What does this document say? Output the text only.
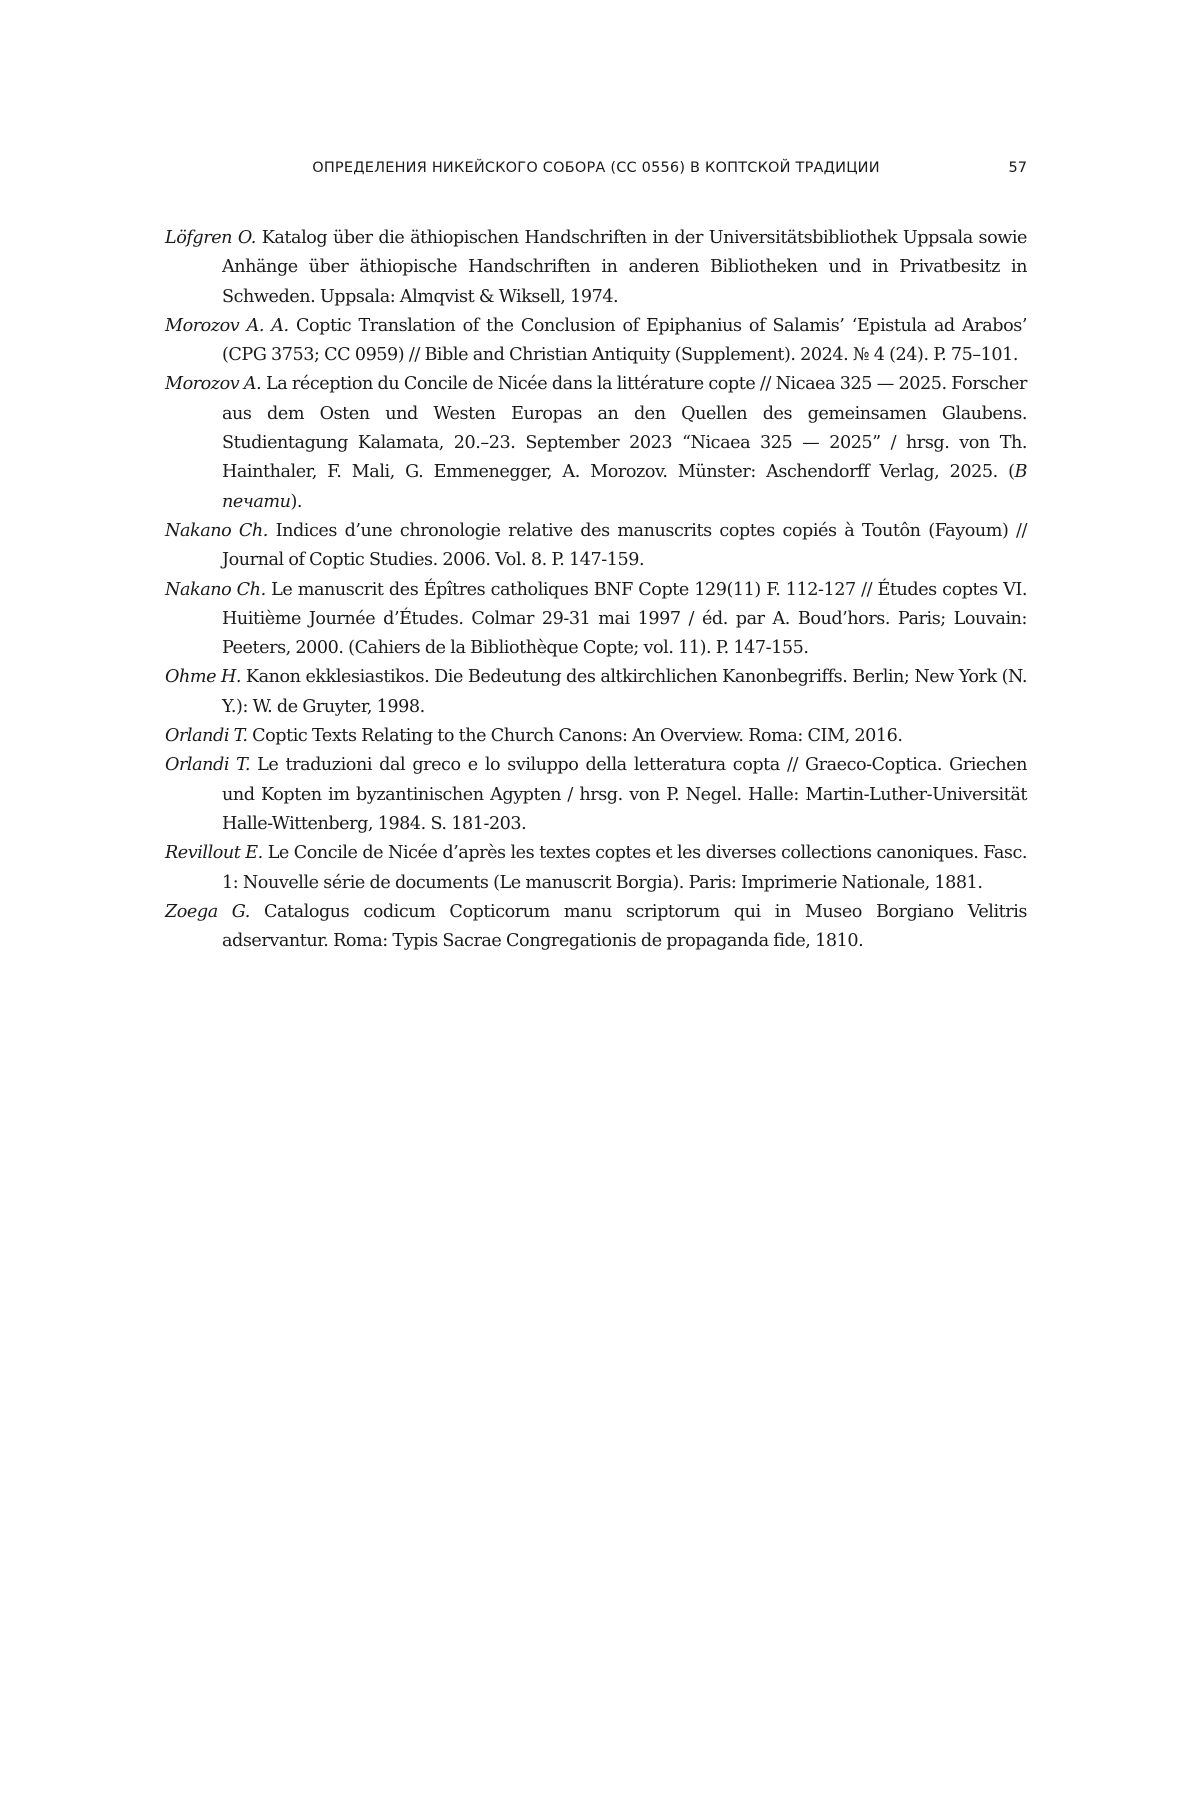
ОПРЕДЕЛЕНИЯ НИКЕЙСКОГО СОБОРА (CC 0556) В КОПТСКОЙ ТРАДИЦИИ	57
Löfgren O. Katalog über die äthiopischen Handschriften in der Universitätsbibliothek Uppsala sowie Anhänge über äthiopische Handschriften in anderen Bibliotheken und in Privatbesitz in Schweden. Uppsala: Almqvist & Wiksell, 1974.
Morozov A. A. Coptic Translation of the Conclusion of Epiphanius of Salamis’ ‘Epistula ad Arabos’ (CPG 3753; CC 0959) // Bible and Christian Antiquity (Supplement). 2024. № 4 (24). P. 75–101.
Morozov A. La réception du Concile de Nicée dans la littérature copte // Nicaea 325 — 2025. Forscher aus dem Osten und Westen Europas an den Quellen des gemeinsamen Glaubens. Studientagung Kalamata, 20.–23. September 2023 “Nicaea 325 — 2025” / hrsg. von Th. Hainthaler, F. Mali, G. Emmenegger, A. Morozov. Münster: Aschendorff Verlag, 2025. (В печати).
Nakano Ch. Indices d’une chronologie relative des manuscrits coptes copiés à Toutôn (Fayoum) // Journal of Coptic Studies. 2006. Vol. 8. P. 147-159.
Nakano Ch. Le manuscrit des Épîtres catholiques BNF Copte 129(11) F. 112-127 // Études coptes VI. Huitième Journée d’Études. Colmar 29-31 mai 1997 / éd. par A. Boud’hors. Paris; Louvain: Peeters, 2000. (Cahiers de la Bibliothèque Copte; vol. 11). P. 147-155.
Ohme H. Kanon ekklesiastikos. Die Bedeutung des altkirchlichen Kanonbegriffs. Berlin; New York (N. Y.): W. de Gruyter, 1998.
Orlandi T. Coptic Texts Relating to the Church Canons: An Overview. Roma: CIM, 2016.
Orlandi T. Le traduzioni dal greco e lo sviluppo della letteratura copta // Graeco-Coptica. Griechen und Kopten im byzantinischen Agypten / hrsg. von P. Negel. Halle: Martin-Luther-Universität Halle-Wittenberg, 1984. S. 181-203.
Revillout E. Le Concile de Nicée d’après les textes coptes et les diverses collections canoniques. Fasc. 1: Nouvelle série de documents (Le manuscrit Borgia). Paris: Imprimerie Nationale, 1881.
Zoega G. Catalogus codicum Copticorum manu scriptorum qui in Museo Borgiano Velitris adservantur. Roma: Typis Sacrae Congregationis de propaganda fide, 1810.
